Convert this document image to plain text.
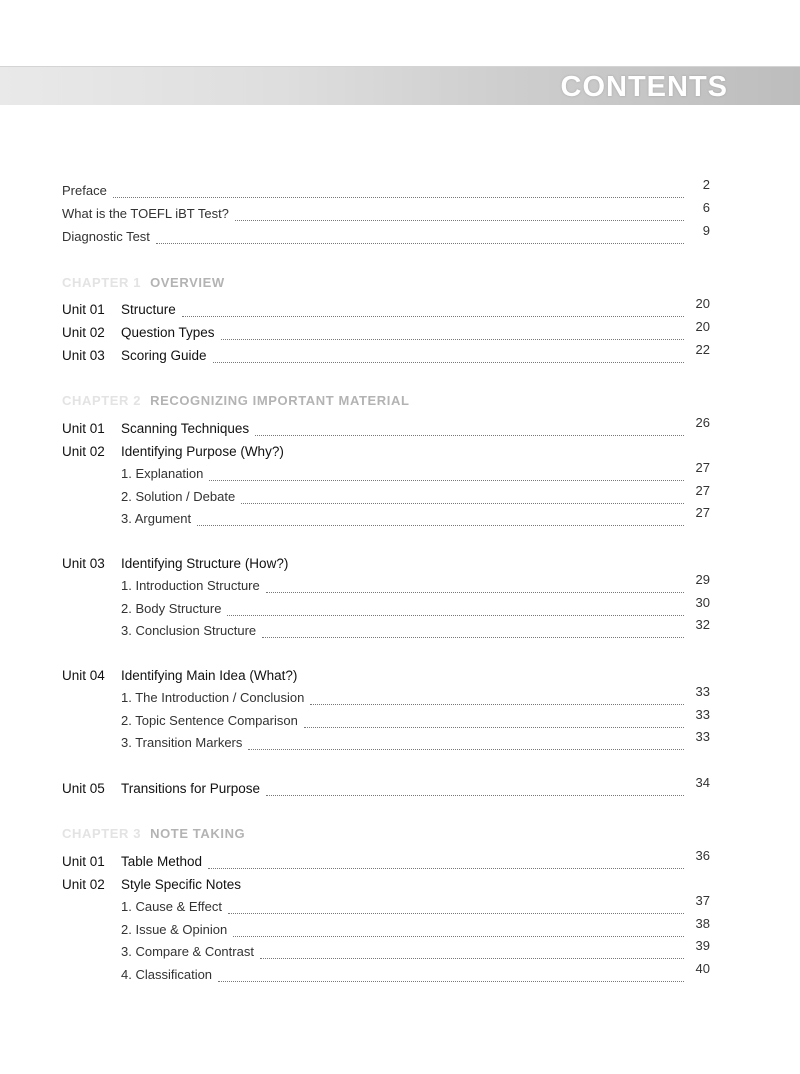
CONTENTS
Preface	2
What is the TOEFL iBT Test?	6
Diagnostic Test	9
CHAPTER 1 OVERVIEW
Unit 01	Structure	20
Unit 02	Question Types	20
Unit 03	Scoring Guide	22
CHAPTER 2 RECOGNIZING IMPORTANT MATERIAL
Unit 01	Scanning Techniques	26
Unit 02	Identifying Purpose (Why?)
1. Explanation	27
2. Solution / Debate	27
3. Argument	27
Unit 03	Identifying Structure (How?)
1. Introduction Structure	29
2. Body Structure	30
3. Conclusion Structure	32
Unit 04	Identifying Main Idea (What?)
1. The Introduction / Conclusion	33
2. Topic Sentence Comparison	33
3. Transition Markers	33
Unit 05	Transitions for Purpose	34
CHAPTER 3 NOTE TAKING
Unit 01	Table Method	36
Unit 02	Style Specific Notes
1. Cause & Effect	37
2. Issue & Opinion	38
3. Compare & Contrast	39
4. Classification	40
